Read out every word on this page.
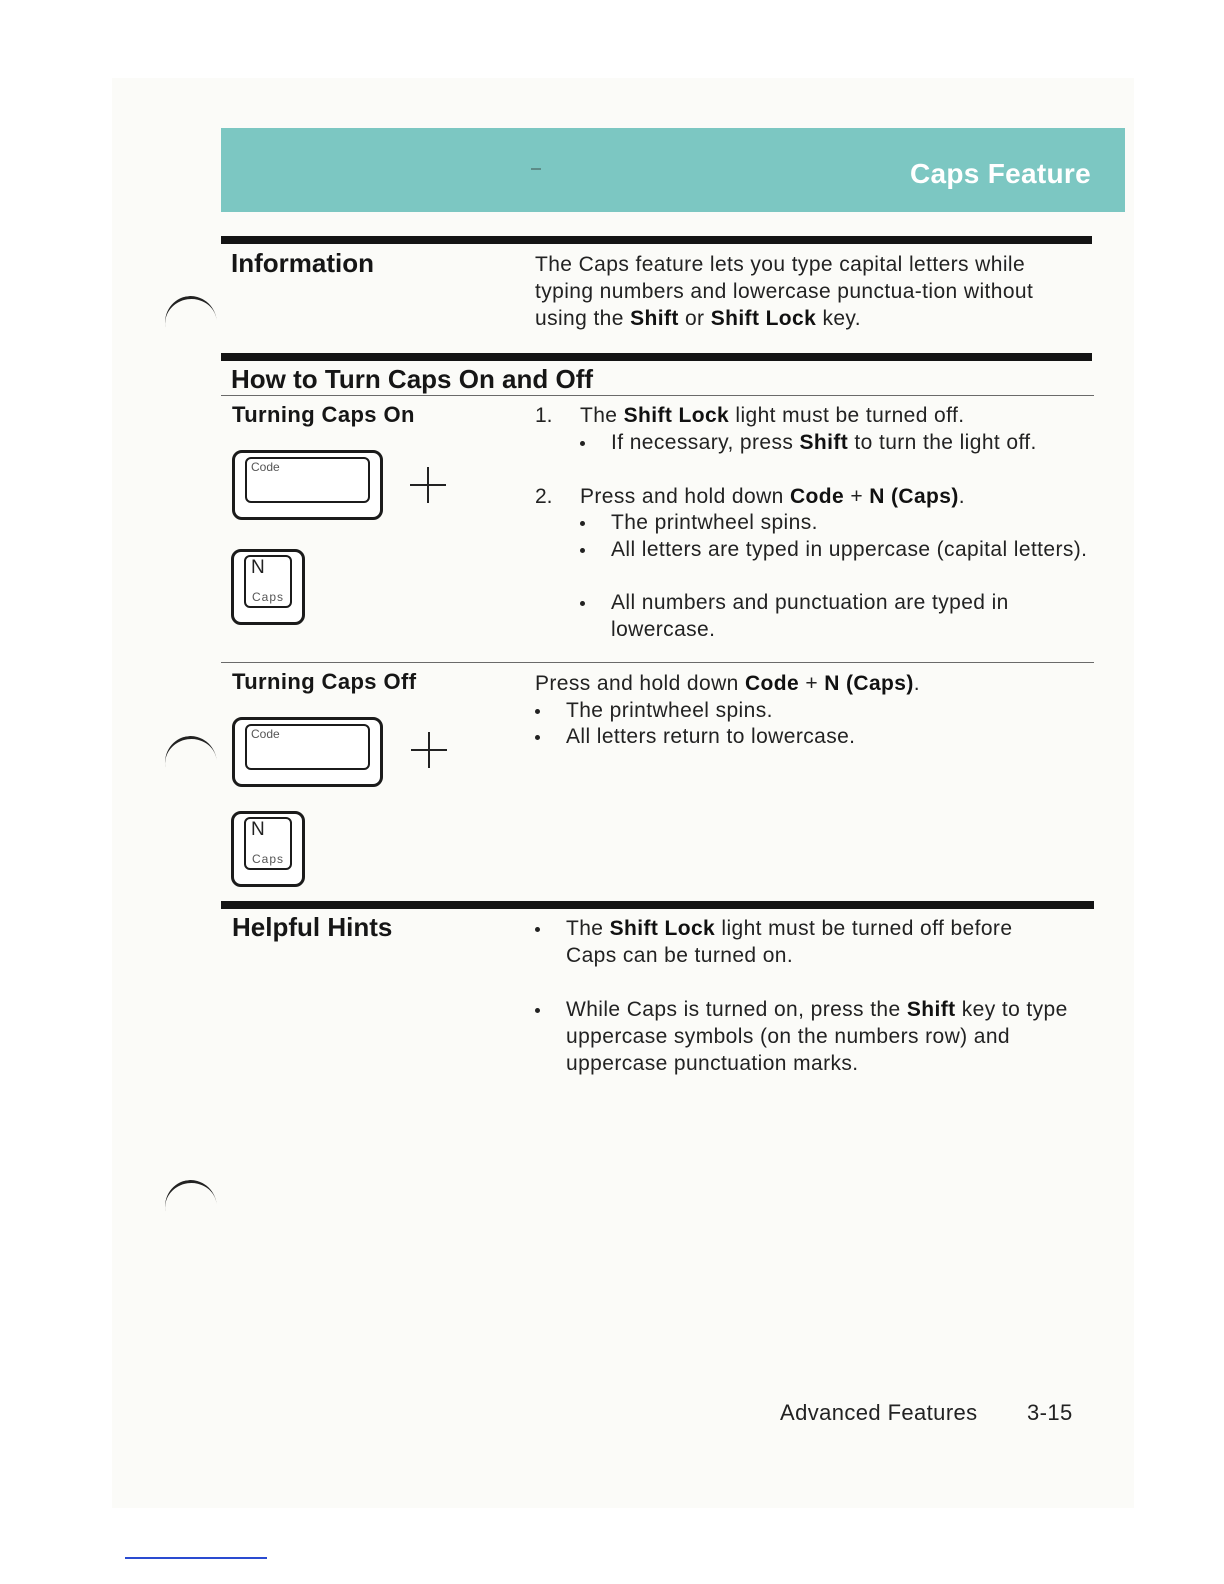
Caps Feature
Information	The Caps feature lets you type capital letters while typing numbers and lowercase punctua-tion without using the Shift or Shift Lock key.
How to Turn Caps On and Off
Turning Caps On
Code
N
Caps
1. The Shift Lock light must be turned off.
If necessary, press Shift to turn the light off.
2. Press and hold down Code + N (Caps).
The printwheel spins.
All letters are typed in uppercase (capital letters).
All numbers and punctuation are typed in lowercase.
Turning Caps Off
Code
N
Caps
Press and hold down Code + N (Caps).
The printwheel spins.
All letters return to lowercase.
Helpful Hints	The Shift Lock light must be turned off before Caps can be turned on.
While Caps is turned on, press the Shift key to type uppercase symbols (on the numbers row) and uppercase punctuation marks.
Advanced Features 3-15
